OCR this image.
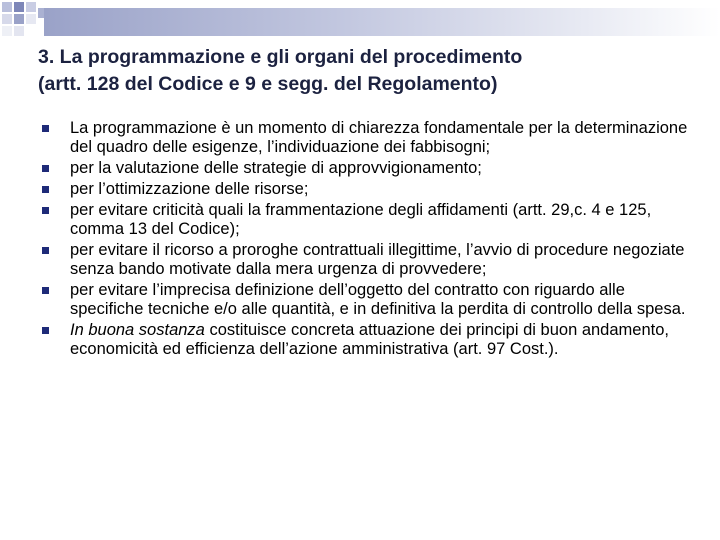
3. La programmazione e gli organi del procedimento
(artt. 128 del Codice e 9 e segg. del Regolamento)
La programmazione è un momento di chiarezza fondamentale per la determinazione del quadro delle esigenze, l’individuazione dei fabbisogni;
per la valutazione delle strategie di approvvigionamento;
per l’ottimizzazione delle risorse;
per evitare criticità quali la frammentazione degli affidamenti (artt. 29,c. 4 e 125, comma 13 del Codice);
per evitare il ricorso a proroghe contrattuali illegittime, l’avvio di procedure negoziate senza bando motivate dalla mera urgenza di provvedere;
per evitare l’imprecisa definizione dell’oggetto del contratto con riguardo alle specifiche tecniche e/o alle quantità, e in definitiva la perdita di controllo della spesa.
In buona sostanza costituisce concreta attuazione dei principi di buon andamento, economicità ed efficienza dell’azione amministrativa (art. 97 Cost.).
